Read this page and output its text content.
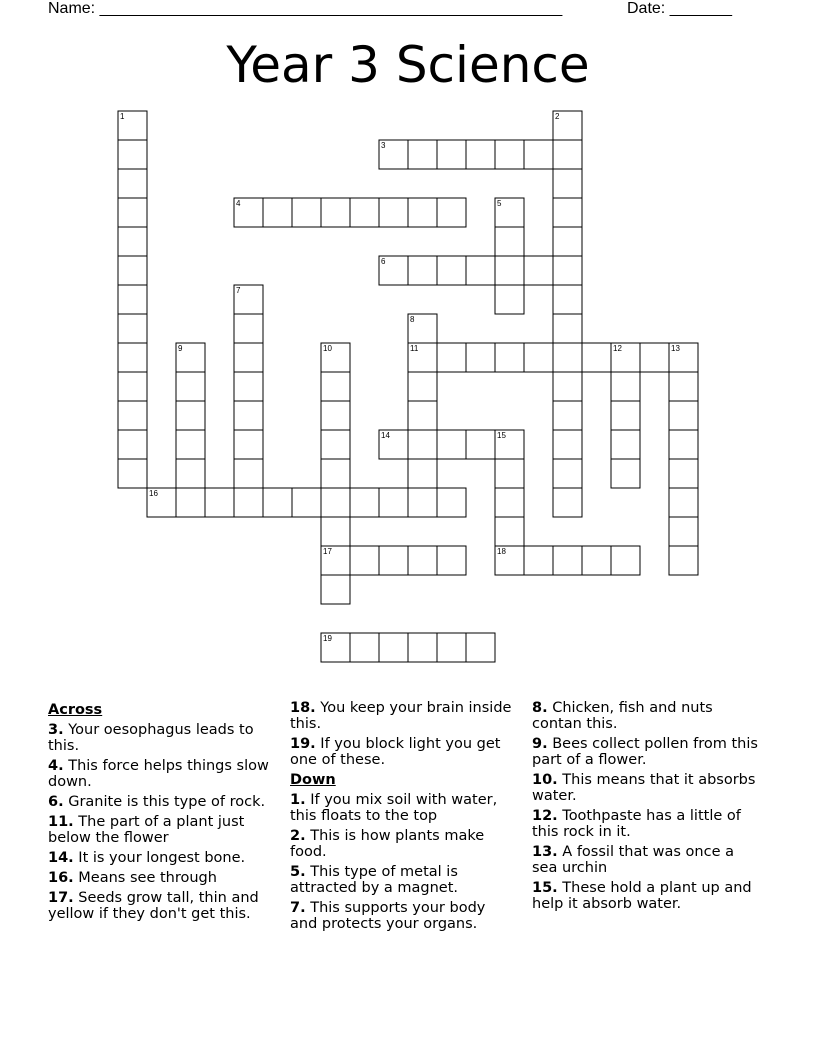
Name: ____________________________________________________	Date: _______
Year 3 Science
1	2
3
4	5
6
7
8
9	10	11	12	13
14	15
16
17	18
19
Across
3. Your oesophagus leads to this.
4. This force helps things slow down.
6. Granite is this type of rock.
11. The part of a plant just below the flower
14. It is your longest bone.
16. Means see through
17. Seeds grow tall, thin and yellow if they don't get this.
18. You keep your brain inside this.
19. If you block light you get one of these.
Down
1. If you mix soil with water, this floats to the top
2. This is how plants make food.
5. This type of metal is attracted by a magnet.
7. This supports your body and protects your organs.
8. Chicken, fish and nuts contan this.
9. Bees collect pollen from this part of a flower.
10. This means that it absorbs water.
12. Toothpaste has a little of this rock in it.
13. A fossil that was once a sea urchin
15. These hold a plant up and help it absorb water.
